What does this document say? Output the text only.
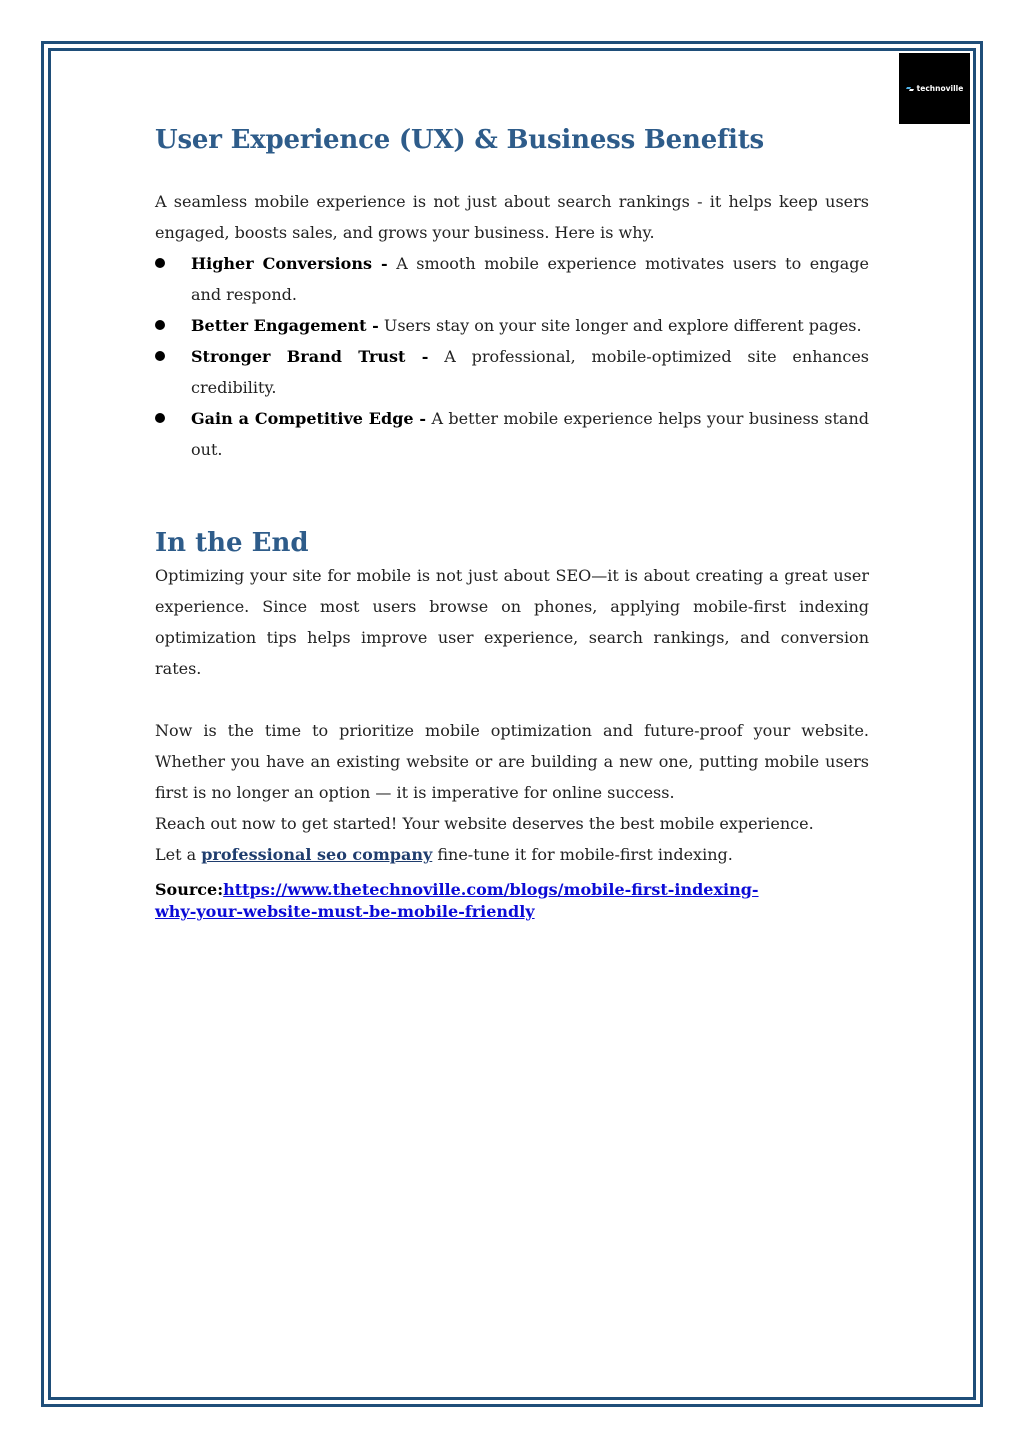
technoville
User Experience (UX) & Business Benefits

A seamless mobile experience is not just about search rankings - it helps keep users engaged, boosts sales, and grows your business. Here is why.

Higher Conversions - A smooth mobile experience motivates users to engage and respond.
Better Engagement - Users stay on your site longer and explore different pages.
Stronger Brand Trust - A professional, mobile-optimized site enhances credibility.
Gain a Competitive Edge - A better mobile experience helps your business stand out.
In the End

Optimizing your site for mobile is not just about SEO—it is about creating a great user experience. Since most users browse on phones, applying mobile-first indexing optimization tips helps improve user experience, search rankings, and conversion rates.

Now is the time to prioritize mobile optimization and future-proof your website. Whether you have an existing website or are building a new one, putting mobile users first is no longer an option — it is imperative for online success.

Reach out now to get started! Your website deserves the best mobile experience.

Let a professional seo company fine-tune it for mobile-first indexing.

Source:https://www.thetechnoville.com/blogs/mobile-first-indexing-
why-your-website-must-be-mobile-friendly
